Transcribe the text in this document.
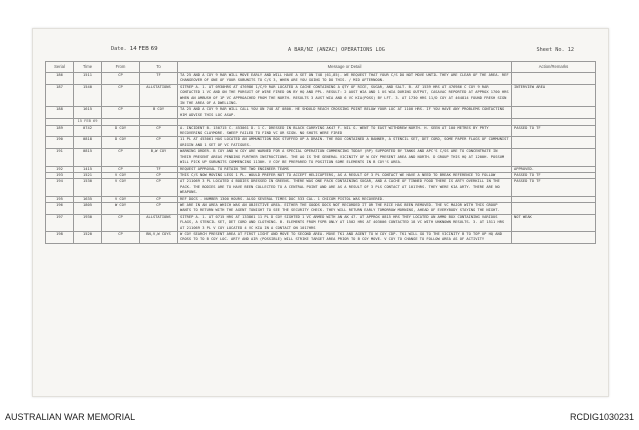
Date. 14 FEB 69	A BAR/NZ (ANZAC) OPERATIONS LOG	Sheet No. 12
Serial	Time	From	To	Message or Detail	Action/Remarks
186	1511	CP	TF	TA 25 AND A COY 9 RAR WILL MOVE EARLY AND WILL HAVE A SET ON 748 (61,85). WE REQUEST THAT YOUR C/S DO NOT MOVE UNTIL THEY ARE CLEAR OF THE AREA. REF CHANGEOVER OF ONE OF YOUR SUBUNITS TO C/S 3, WHEN ARE YOU GOING TO DO THIS. / MID AFTERNOON.	
187	1540	CP	ALLSTATIONS	SITREP A. 1. AT 0930HRS AT 476986 1/C/9 RAR LOCATED A CACHE CONTAINING A QTY OF RICE, SUGAR, AND SALT. B. AT 1539 HRS AT 476986 C COY 9 RAR CONTACTED 1 VC AND ON THE PURSUIT OF WIRE FIRED ON BY HQ AND PPL. RESULT: 2 AUST WIA AND 1 US WIA DURING OUTPUT, CASAVAC REPORTED AT APPROX 1700 HRS WHEN AN AMBUSH OF 1P VC APPROACHED FROM THE NORTH. RESULTS 3 AUST WIA AND 6 VC KIA(POSS) BY LFT. 3. AT 1730 HRS 11/D COY AT 464814 FOUND FRESH SIGN IN THE AREA OF A DWELLING.	INTERVIEW AREA
188	1615	CP	B COY	TA 25 AND A COY 9 RAR WILL CALL YOU ON 748 AT 0800. HE SHOULD REACH CROSSING POINT BELOW YOUR LOC AT 1100 HRS. IF YOU HAVE ANY PROBLEMS CONTACTING HIM ADVISE THIS LOC ASAP.	
	15 FEB 69				
189	0742	D COY	CP	A. INCIDENT B. 150715 C. 453061 D. 1 C. DRESSED IN BLACK CARRYING AK47 F. NIL G. WENT TO EAST WITHDREW NORTH. H. SEEN AT 100 METRES BY PRTY RECOVERING CLAYMORE. SWEEP FAILED TO FIND VC OR SIGN. NO SHOTS WERE FIRED	PASSED TO TF
190	0818	D COY	CP	11 PL AT 453061 HAS LOCATED AN AMMUNITION BOX STUFFED UP A DRAIN. THE BOX CONTAINED A BANNER, A STENCIL SET, DET CORD, SOME PAPER FLAGS OF COMMUNIST ORIGIN AND 1 SET OF VC FATIGUES.	
191	0815	CP	B,W COY	WARNING ORDER. B COY AND W COY ARE WARNED FOR A SPECIAL OPERATION COMMENCING TODAY (RP) SUPPORTED BY TANKS AND APC'S C/SS ARE TO CONCENTRATE IN THEIR PRESENT AREAS PENDING FURTHER INSTRUCTIONS. THE AO IS THE GENERAL VICINITY OF W COY PRESENT AREA AND NORTH. D GROUP THIS HQ AT 1200H. POSSUM WILL PICK UP SUBUNITS COMMENCING 1130H. V COY BE PREPARED TO POSITION SOME ELEMENTS IN B COY'S AREA.	
192	1415	CP	TF	REQUEST APPROVAL TO RETAIN THE TWO ENGINEER TEAMS	APPROVED.
193	1521	V COY	CP	THIS C/S NOW MOVING LESS 1 PL. WOULD PREFER NOT TO ACCEPT HELICOPTERS, AS A RESULT OF 3 PL CONTACT WE HAVE A NEED TO BREAK REFERENCE TO FOLLOW	PASSED TO TF
194	1530	V COY	CP	AT 211069 3 PL LOCATED 4 BODIES DRESSED IN GREENS. THERE WAS ONE PACK CONTAINING SUGAR, AND A CACHE OF TINNED FOOD THERE IS ARTY OVERKILL IN THE PACK. THE BODIES ARE TO HAVE BEEN COLLECTED TO A CENTRAL POINT AND ARE AS A RESULT OF 3 PLS CONTACT AT 1017HRS. THEY WERE KIA ARTY. THERE ARE NO WEAPONS.	PASSED TO TF
195	1635	V COY	CP	REF DOCS - NUMBER 1300 HOURS. ALSO SEVERAL TIMES DOC 533 CAL. 1 CHICOM PISTOL WAS RECOVERED.	
196	1805	W COY	CP	WE ARE IN AN AREA WHICH WAS AN OBJECTIVE AREA. EITHER THE GOODS DOCS NOT RECORDED IT OR THE RICE HAS BEEN REMOVED. THE VC MAJOR WITH THIS GROUP WANTS TO RETURN WITH THE AGENT TONIGHT TO SEE THE SECURITY CHECK. THEY WILL RETURN EARLY TOMORROW MORNING, AHEAD OF EVERYBODY STAYING THE NIGHT.	
197	1930	CP	ALLSTATIONS	SITREP A. 1. AT 0715 HRS AT 133861 11 PL D COY SIGHTED 1 VC ARMED WITH AN AK 47. AT APPROX 0815 HRS THEY LOCATED AN AMMO BOX CONTAINING VARIOUS FLAGS, A STENCIL SET, DET CORD AND CLOTHING. B. ELEMENTS FROM FSPB ONLY AT 1502 HRS AT 403006 CONTACTED 18 VC WITH UNKNOWN RESULTS. 3. AT 1511 HRS AT 211069 3 PL V COY LOCATED 4 VC KIA IN A CONTACT ON 1017HRS	NOT WEAK
198	1520	CP	BN,V,W COYS	W COY SEARCH PRESENT AREA AT FIRST LIGHT AND MOVE TO SECOND AREA. MOVE TK1 AND AGENT TO W COY CDP. TK1 WILL GO TO THE VICINITY B TO TOP UP HQ AND CROSS TO TO B COY LOC. ARTY AND AIR (POSSIBLE) WILL STRIKE TARGET AREA PRIOR TO B COY MOVE. V COY TO CHANGE TO FOLLOW AREA AS OF ACTIVITY	
AUSTRALIAN WAR MEMORIAL	RCDIG1030231
